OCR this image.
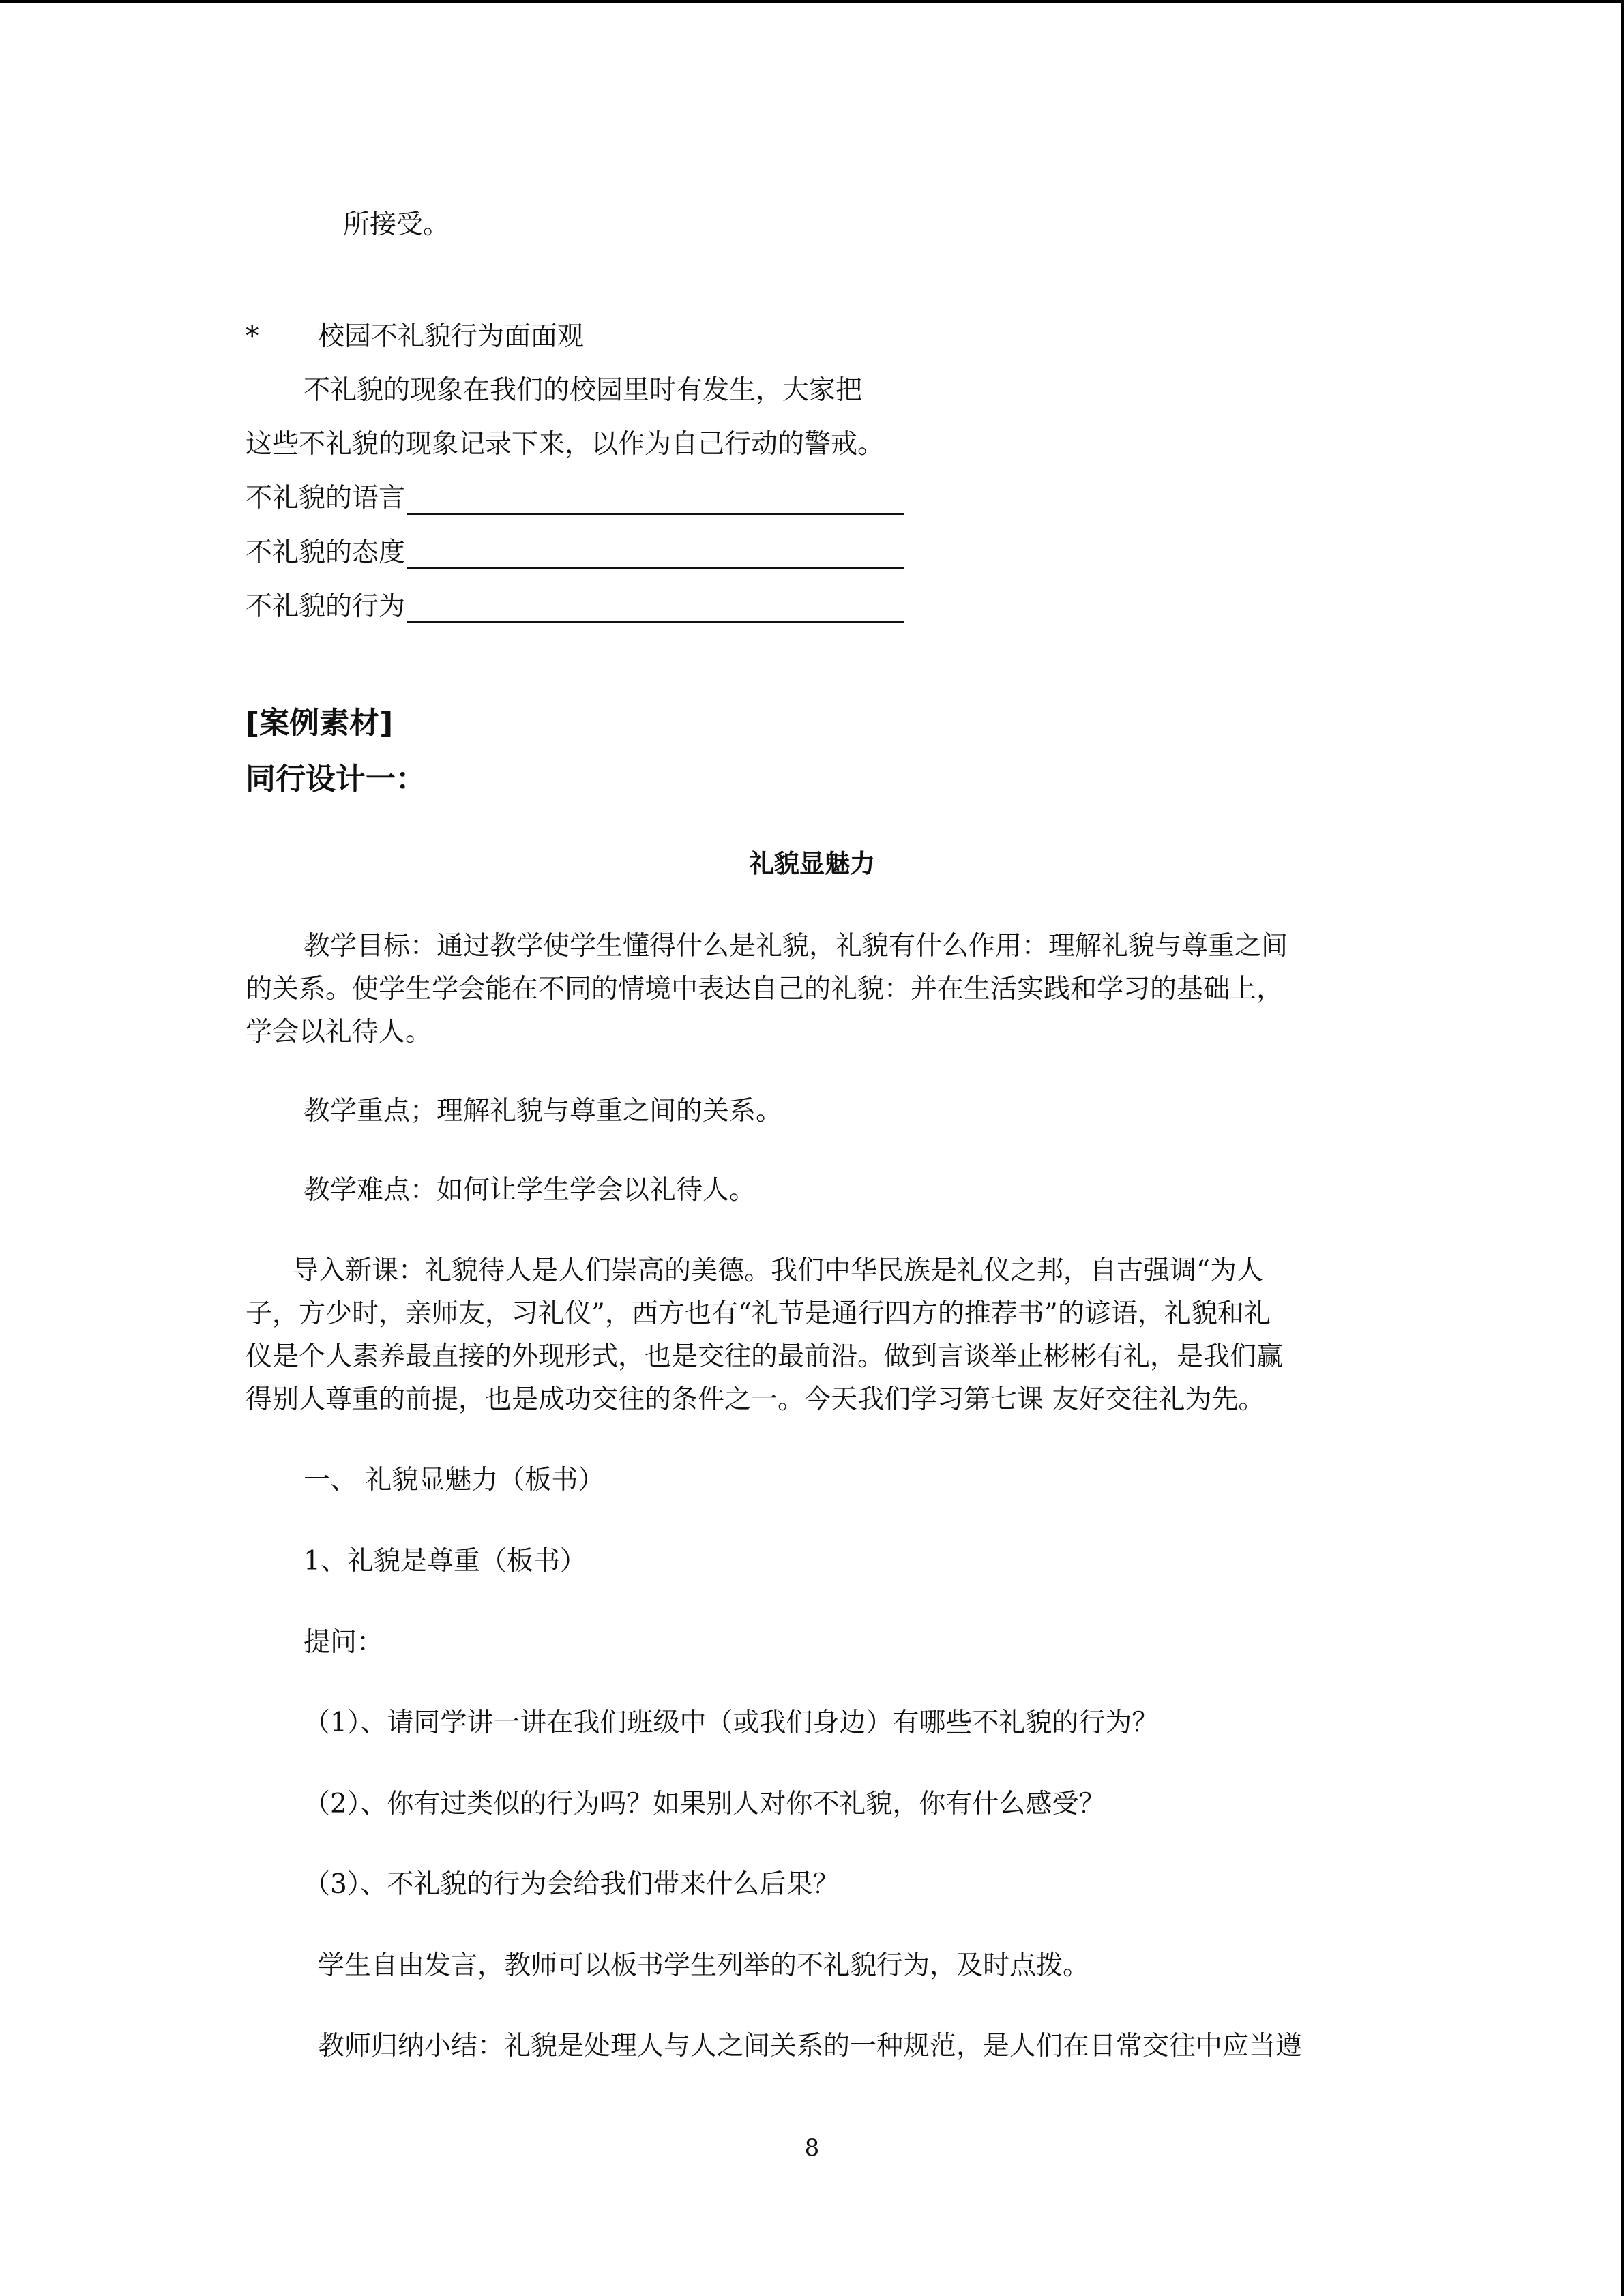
所接受。
* 校园不礼貌行为面面观
不礼貌的现象在我们的校园里时有发生，大家把
这些不礼貌的现象记录下来，以作为自己行动的警戒。
不礼貌的语言
不礼貌的态度
不礼貌的行为
[案例素材]
同行设计一：
礼貌显魅力
教学目标：通过教学使学生懂得什么是礼貌，礼貌有什么作用：理解礼貌与尊重之间
的关系。使学生学会能在不同的情境中表达自己的礼貌：并在生活实践和学习的基础上，
学会以礼待人。
教学重点；理解礼貌与尊重之间的关系。
教学难点：如何让学生学会以礼待人。
导入新课：礼貌待人是人们崇高的美德。我们中华民族是礼仪之邦，自古强调“为人
子，方少时，亲师友，习礼仪”，西方也有“礼节是通行四方的推荐书”的谚语，礼貌和礼
仪是个人素养最直接的外现形式，也是交往的最前沿。做到言谈举止彬彬有礼，是我们赢
得别人尊重的前提，也是成功交往的条件之一。今天我们学习第七课 友好交往礼为先。
一、 礼貌显魅力（板书）
1、礼貌是尊重（板书）
提问：
（1）、请同学讲一讲在我们班级中（或我们身边）有哪些不礼貌的行为？
（2）、你有过类似的行为吗？如果别人对你不礼貌，你有什么感受？
（3）、不礼貌的行为会给我们带来什么后果？
学生自由发言，教师可以板书学生列举的不礼貌行为，及时点拨。
教师归纳小结：礼貌是处理人与人之间关系的一种规范，是人们在日常交往中应当遵
8
